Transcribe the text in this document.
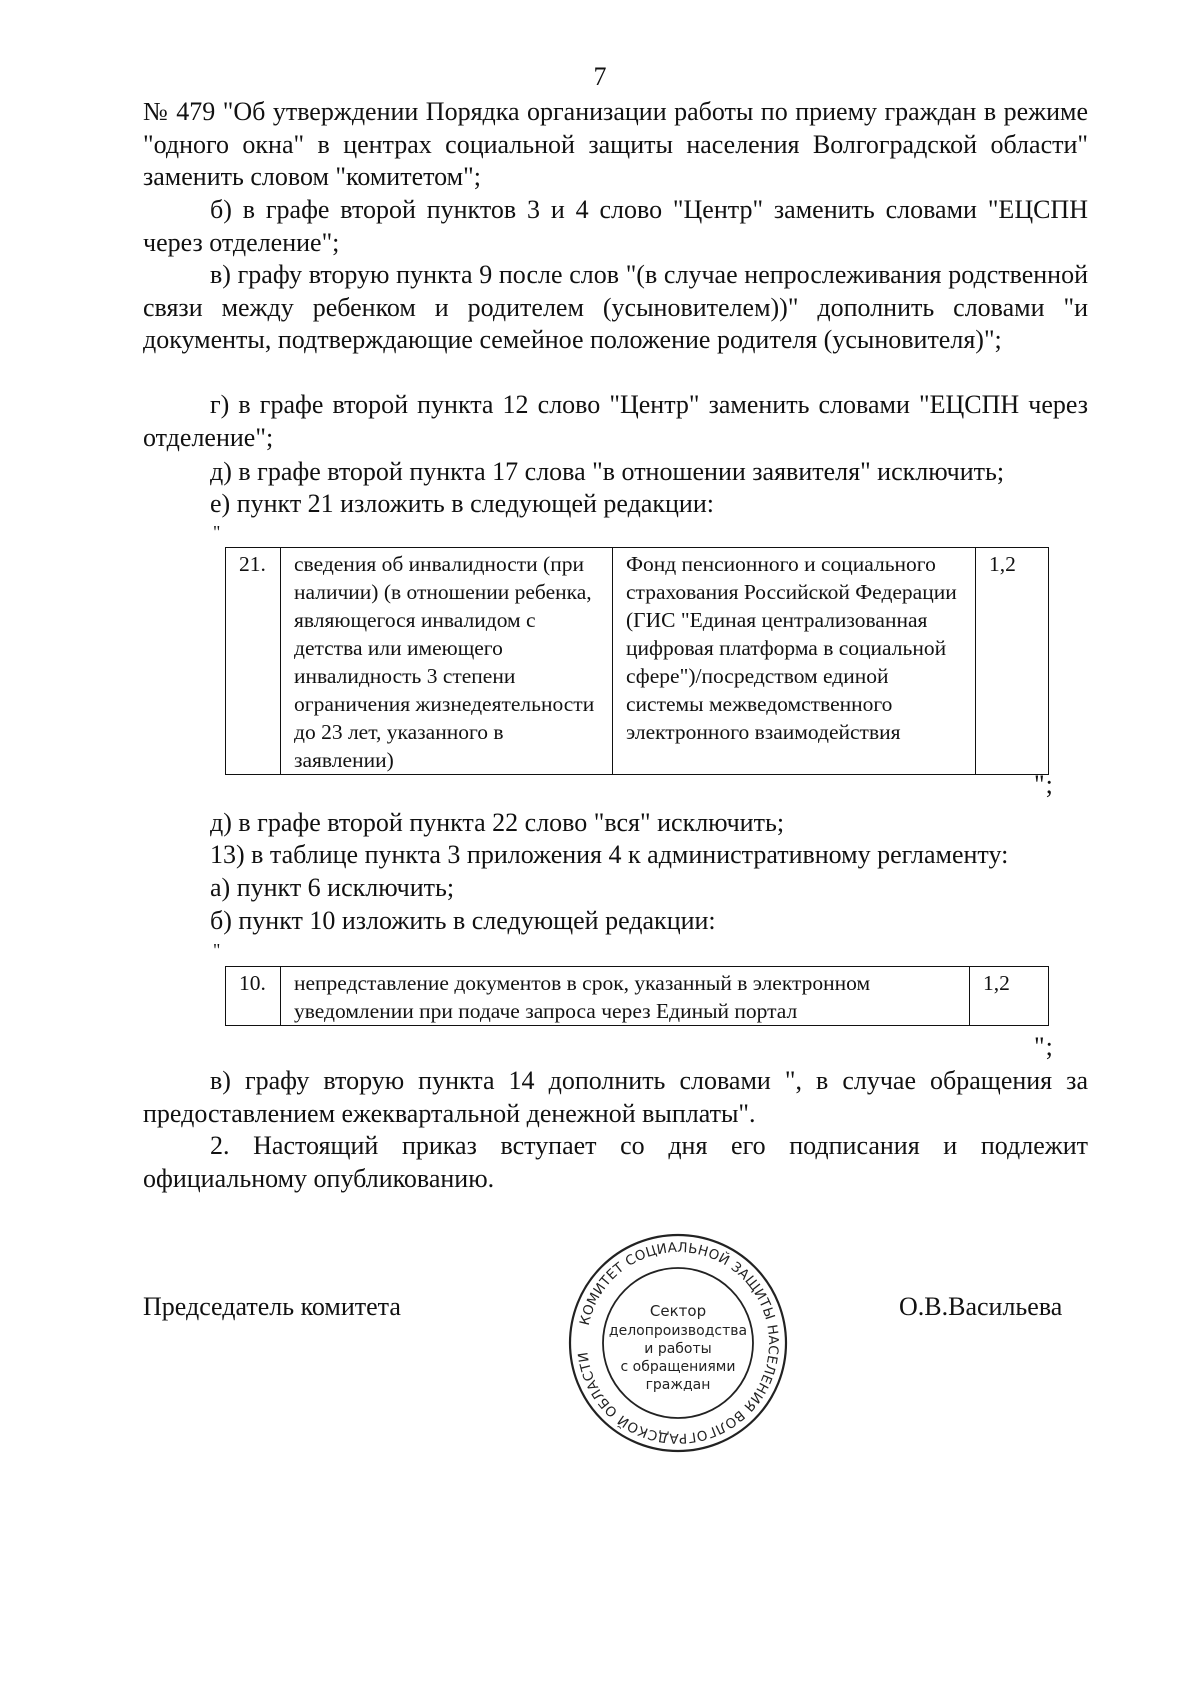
7

№ 479 "Об утверждении Порядка организации работы по приему граждан в режиме "одного окна" в центрах социальной защиты населения Волгоградской области" заменить словом "комитетом";

б) в графе второй пунктов 3 и 4 слово "Центр" заменить словами "ЕЦСПН через отделение";

в) графу вторую пункта 9 после слов "(в случае непрослеживания родственной связи между ребенком и родителем (усыновителем))" дополнить словами "и документы, подтверждающие семейное положение родителя (усыновителя)";

г) в графе второй пункта 12 слово "Центр" заменить словами "ЕЦСПН через отделение";

д) в графе второй пункта 17 слова "в отношении заявителя" исключить;
е) пункт 21 изложить в следующей редакции:
"
21.	сведения об инвалидности (при наличии) (в отношении ребенка, являющегося инвалидом с детства или имеющего инвалидность 3 степени ограничения жизнедеятельности до 23 лет, указанного в заявлении)	Фонд пенсионного и социального страхования Российской Федерации (ГИС "Единая централизованная цифровая платформа в социальной сфере")/посредством единой системы межведомственного электронного взаимодействия	1,2
";
д) в графе второй пункта 22 слово "вся" исключить;
13) в таблице пункта 3 приложения 4 к административному регламенту:
а) пункт 6 исключить;
б) пункт 10 изложить в следующей редакции:
"
10.	непредставление документов в срок, указанный в электронном уведомлении при подаче запроса через Единый портал	1,2
";

в) графу вторую пункта 14 дополнить словами ", в случае обращения за предоставлением ежеквартальной денежной выплаты".

2. Настоящий приказ вступает со дня его подписания и подлежит официальному опубликованию.

Председатель комитета	КОМИТЕТ СОЦИАЛЬНОЙ ЗАЩИТЫ НАСЕЛЕНИЯ ВОЛГОГРАДСКОЙ ОБЛАСТИ
Сектор
делопроизводства
и работы
с обращениями
граждан
О.В.Васильева
